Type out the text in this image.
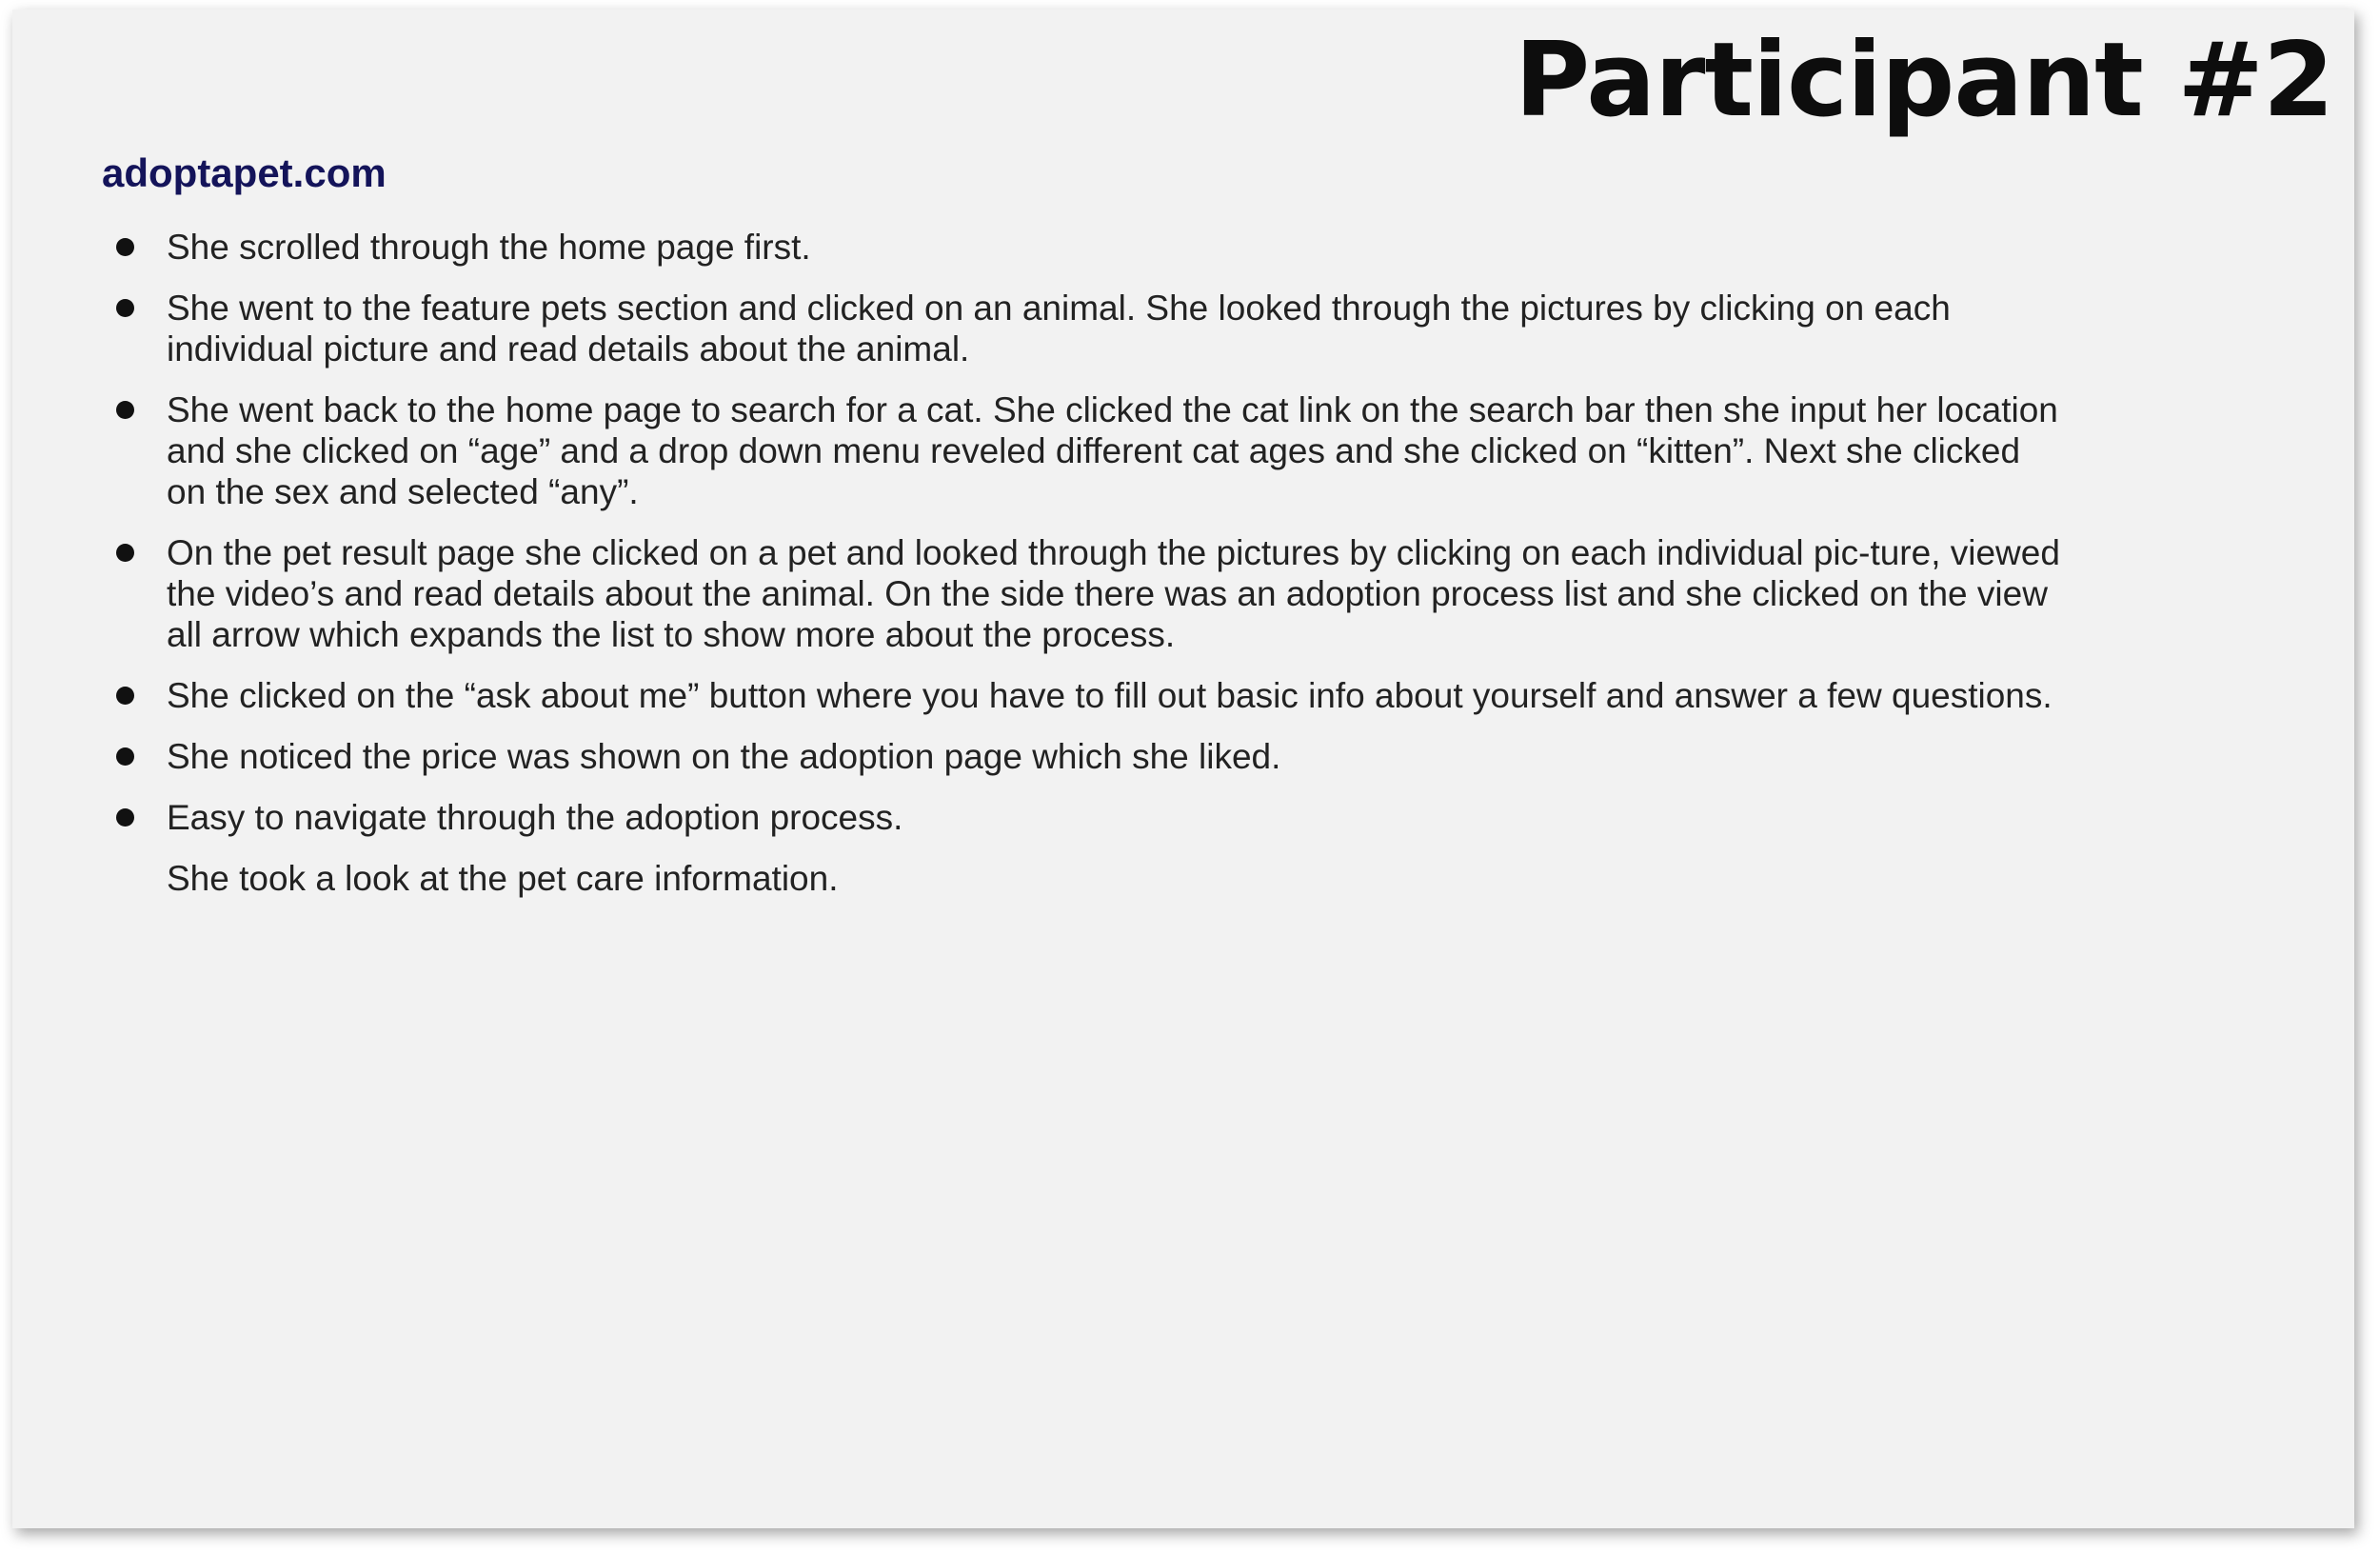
Participant #2
adoptapet.com
She scrolled through the home page first.
She went to the feature pets section and clicked on an animal. She looked through the pictures by clicking on each individual picture and read details about the animal.
She went back to the home page to search for a cat. She clicked the cat link on the search bar then she input her location and she clicked on “age” and a drop down menu reveled different cat ages and she clicked on “kitten”. Next she clicked on the sex and selected “any”.
On the pet result page she clicked on a pet and looked through the pictures by clicking on each individual pic-ture, viewed the video’s and read details about the animal. On the side there was an adoption process list and she clicked on the view all arrow which expands the list to show more about the process.
She clicked on the “ask about me” button where you have to fill out basic info about yourself and answer a few questions.
She noticed the price was shown on the adoption page which she liked.
Easy to navigate through the adoption process.
She took a look at the pet care information.
